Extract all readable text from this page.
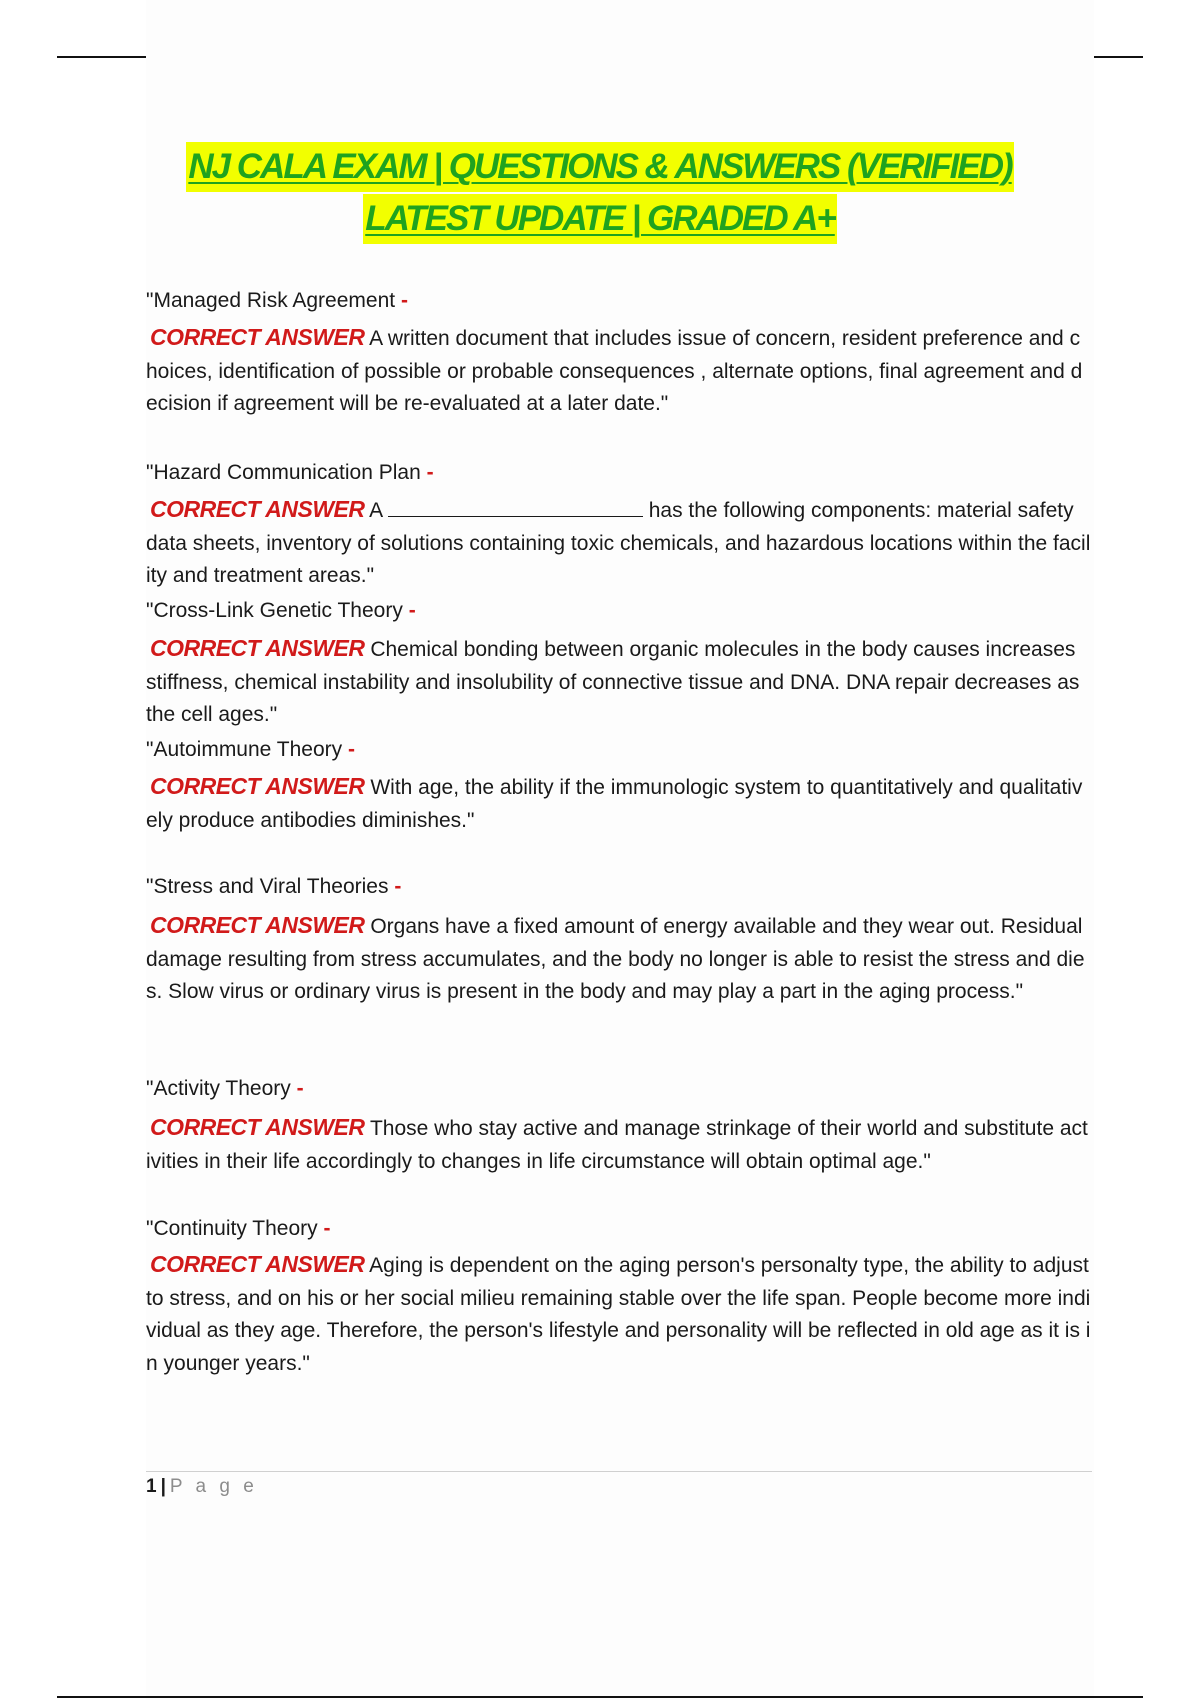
NJ CALA EXAM | QUESTIONS & ANSWERS (VERIFIED)
LATEST UPDATE | GRADED A+
"Managed Risk Agreement -
CORRECT ANSWER A written document that includes issue of concern, resident preference and choices, identification of possible or probable consequences , alternate options, final agreement and decision if agreement will be re-evaluated at a later date."
"Hazard Communication Plan -
CORRECT ANSWER A	has the following components: material safety data sheets, inventory of solutions containing toxic chemicals, and hazardous locations within the facility and treatment areas."
"Cross-Link Genetic Theory -
CORRECT ANSWER Chemical bonding between organic molecules in the body causes increases stiffness, chemical instability and insolubility of connective tissue and DNA. DNA repair decreases as the cell ages."
"Autoimmune Theory -
CORRECT ANSWER With age, the ability if the immunologic system to quantitatively and qualitatively produce antibodies diminishes."
"Stress and Viral Theories -
CORRECT ANSWER Organs have a fixed amount of energy available and they wear out. Residual damage resulting from stress accumulates, and the body no longer is able to resist the stress and dies. Slow virus or ordinary virus is present in the body and may play a part in the aging process."
"Activity Theory -
CORRECT ANSWER Those who stay active and manage strinkage of their world and substitute activities in their life accordingly to changes in life circumstance will obtain optimal age."
"Continuity Theory -
CORRECT ANSWER Aging is dependent on the aging person's personalty type, the ability to adjust to stress, and on his or her social milieu remaining stable over the life span. People become more individual as they age. Therefore, the person's lifestyle and personality will be reflected in old age as it is in younger years."
1 | P a g e
